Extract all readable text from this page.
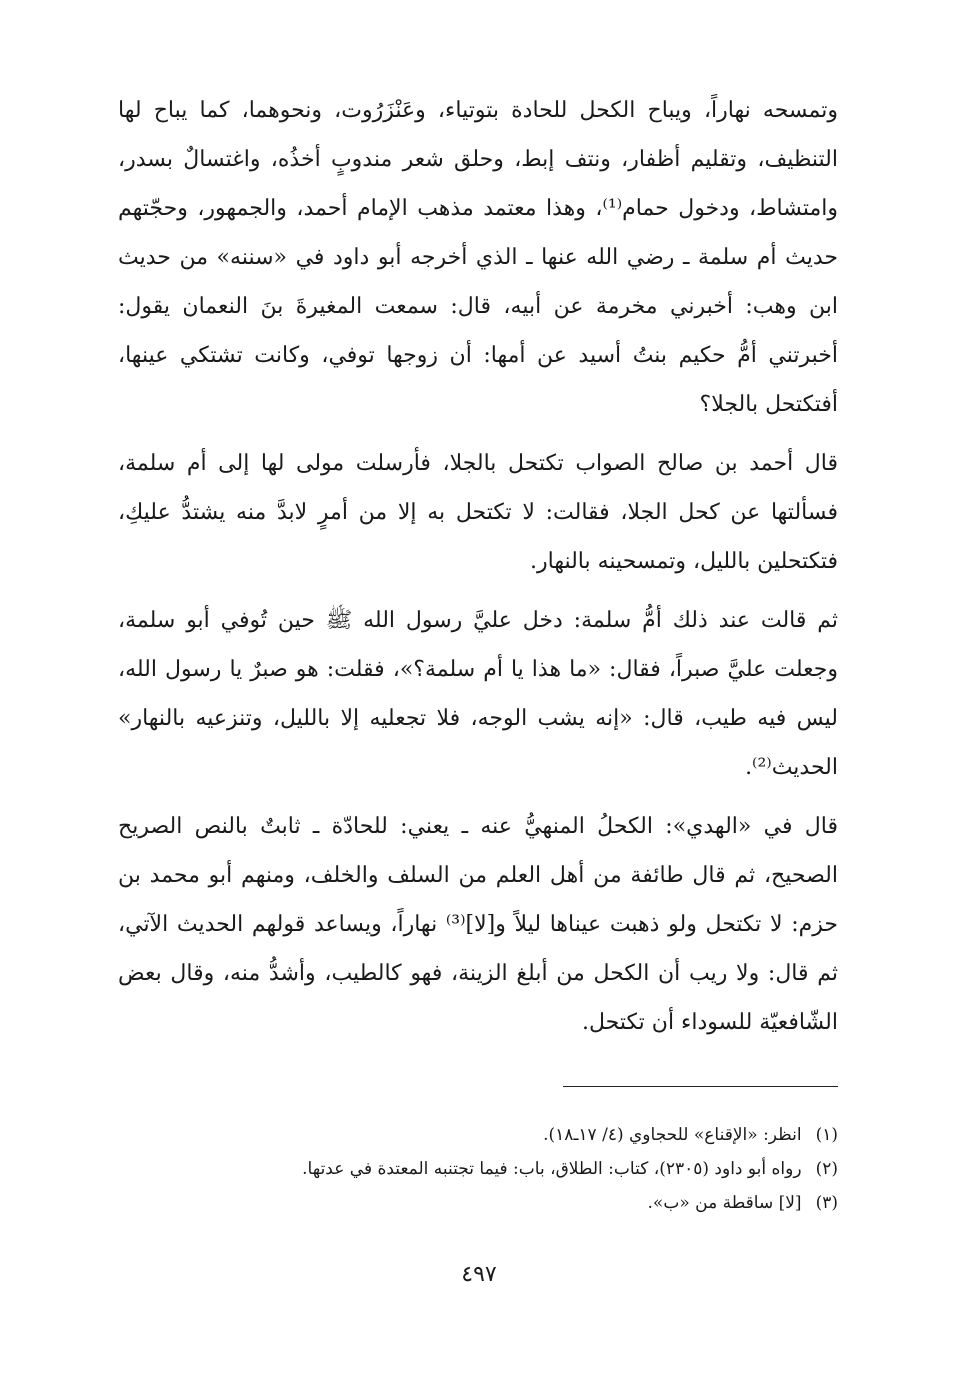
وتمسحه نهاراً، ويباح الكحل للحادة بتوتياء، وعَنْزَرُوت، ونحوهما، كما يباح لها التنظيف، وتقليم أظفار، ونتف إبط، وحلق شعر مندوبٍ أخذُه، واغتسالٌ بسدر، وامتشاط، ودخول حمام⁽¹⁾، وهذا معتمد مذهب الإمام أحمد، والجمهور، وحجّتهم حديث أم سلمة ـ رضي الله عنها ـ الذي أخرجه أبو داود في «سننه» من حديث ابن وهب: أخبرني مخرمة عن أبيه، قال: سمعت المغيرةَ بنَ النعمان يقول: أخبرتني أمُّ حكيم بنتُ أسيد عن أمها: أن زوجها توفي، وكانت تشتكي عينها، أفتكتحل بالجلا؟

قال أحمد بن صالح الصواب تكتحل بالجلا، فأرسلت مولى لها إلى أم سلمة، فسألتها عن كحل الجلا، فقالت: لا تكتحل به إلا من أمرٍ لابدَّ منه يشتدُّ عليكِ، فتكتحلين بالليل، وتمسحينه بالنهار.

ثم قالت عند ذلك أمُّ سلمة: دخل عليَّ رسول الله ﷺ حين تُوفي أبو سلمة، وجعلت عليَّ صبراً، فقال: «ما هذا يا أم سلمة؟»، فقلت: هو صبرٌ يا رسول الله، ليس فيه طيب، قال: «إنه يشب الوجه، فلا تجعليه إلا بالليل، وتنزعيه بالنهار» الحديث⁽²⁾.

قال في «الهدي»: الكحلُ المنهيُّ عنه ـ يعني: للحادّة ـ ثابتٌ بالنص الصريح الصحيح، ثم قال طائفة من أهل العلم من السلف والخلف، ومنهم أبو محمد بن حزم: لا تكتحل ولو ذهبت عيناها ليلاً و[لا]⁽³⁾ نهاراً، ويساعد قولهم الحديث الآتي، ثم قال: ولا ريب أن الكحل من أبلغ الزينة، فهو كالطيب، وأشدُّ منه، وقال بعض الشّافعيّة للسوداء أن تكتحل.

(١)
انظر: «الإقناع» للحجاوي (٤/ ١٧ـ١٨).
(٢)
رواه أبو داود (٢٣٠٥)، كتاب: الطلاق، باب: فيما تجتنبه المعتدة في عدتها.
(٣)
[لا] ساقطة من «ب».
٤٩٧
